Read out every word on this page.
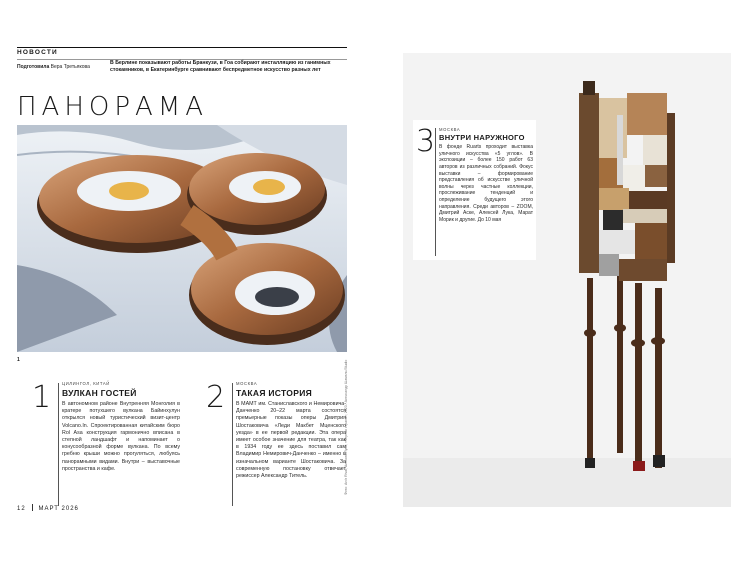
НОВОСТИ
Подготовила Вера Третьякова
В Берлине показывают работы Бранкузи, в Гоа собирают инсталляцию из ганимных стокамников, в Екатеринбурге сравнивают беспредметное искусство разных лет
ПАНОРАМА
1	Фото: Arch Rival; Алексей Лука; «Черная страна»; 2023 / Александр Шамель/Studio
1	ЦИЛИНГОЛ, КИТАЙ
ВУЛКАН ГОСТЕЙ
В автономном районе Внутренняя Монголия в кратере потухшего вулкана Байинхулун открылся новый туристический визит-центр Volcano.In. Спроектированная китайским бюро Rol Asa конструкция гармонично вписана в степной ландшафт и напоминает о конусообразной форме вулкана. По всему гребню крыши можно прогуляться, любуясь панорамными видами. Внутри – выставочные пространства и кафе.
2	МОСКВА
ТАКАЯ ИСТОРИЯ
В МАМТ им. Станиславского и Немировича-Данченко 20–22 марта состоятся премьерные показы оперы Дмитрия Шостаковича «Леди Макбет Мценского уезда» в ее первой редакции. Эта опера имеет особое значение для театра, так как в 1934 году ее здесь поставил сам Владимир Немирович-Данченко – именно в изначальном варианте Шостаковича. За современную постановку отвечает режиссер Александр Титель.
12 МАРТ 2026
3 МОСКВА
ВНУТРИ НАРУЖНОГО
В фонде Ruarts проходит выставка уличного искусства «5 углов». В экспозиции – более 150 работ 63 авторов из различных собраний. Фокус выставки – формирование представления об искусстве уличной волны через частные коллекции, прослеживание тенденций и определение будущего этого направления. Среди авторов – ZOOM, Дмитрий Аске, Алексей Лука, Марат Морик и другие. До 10 мая
